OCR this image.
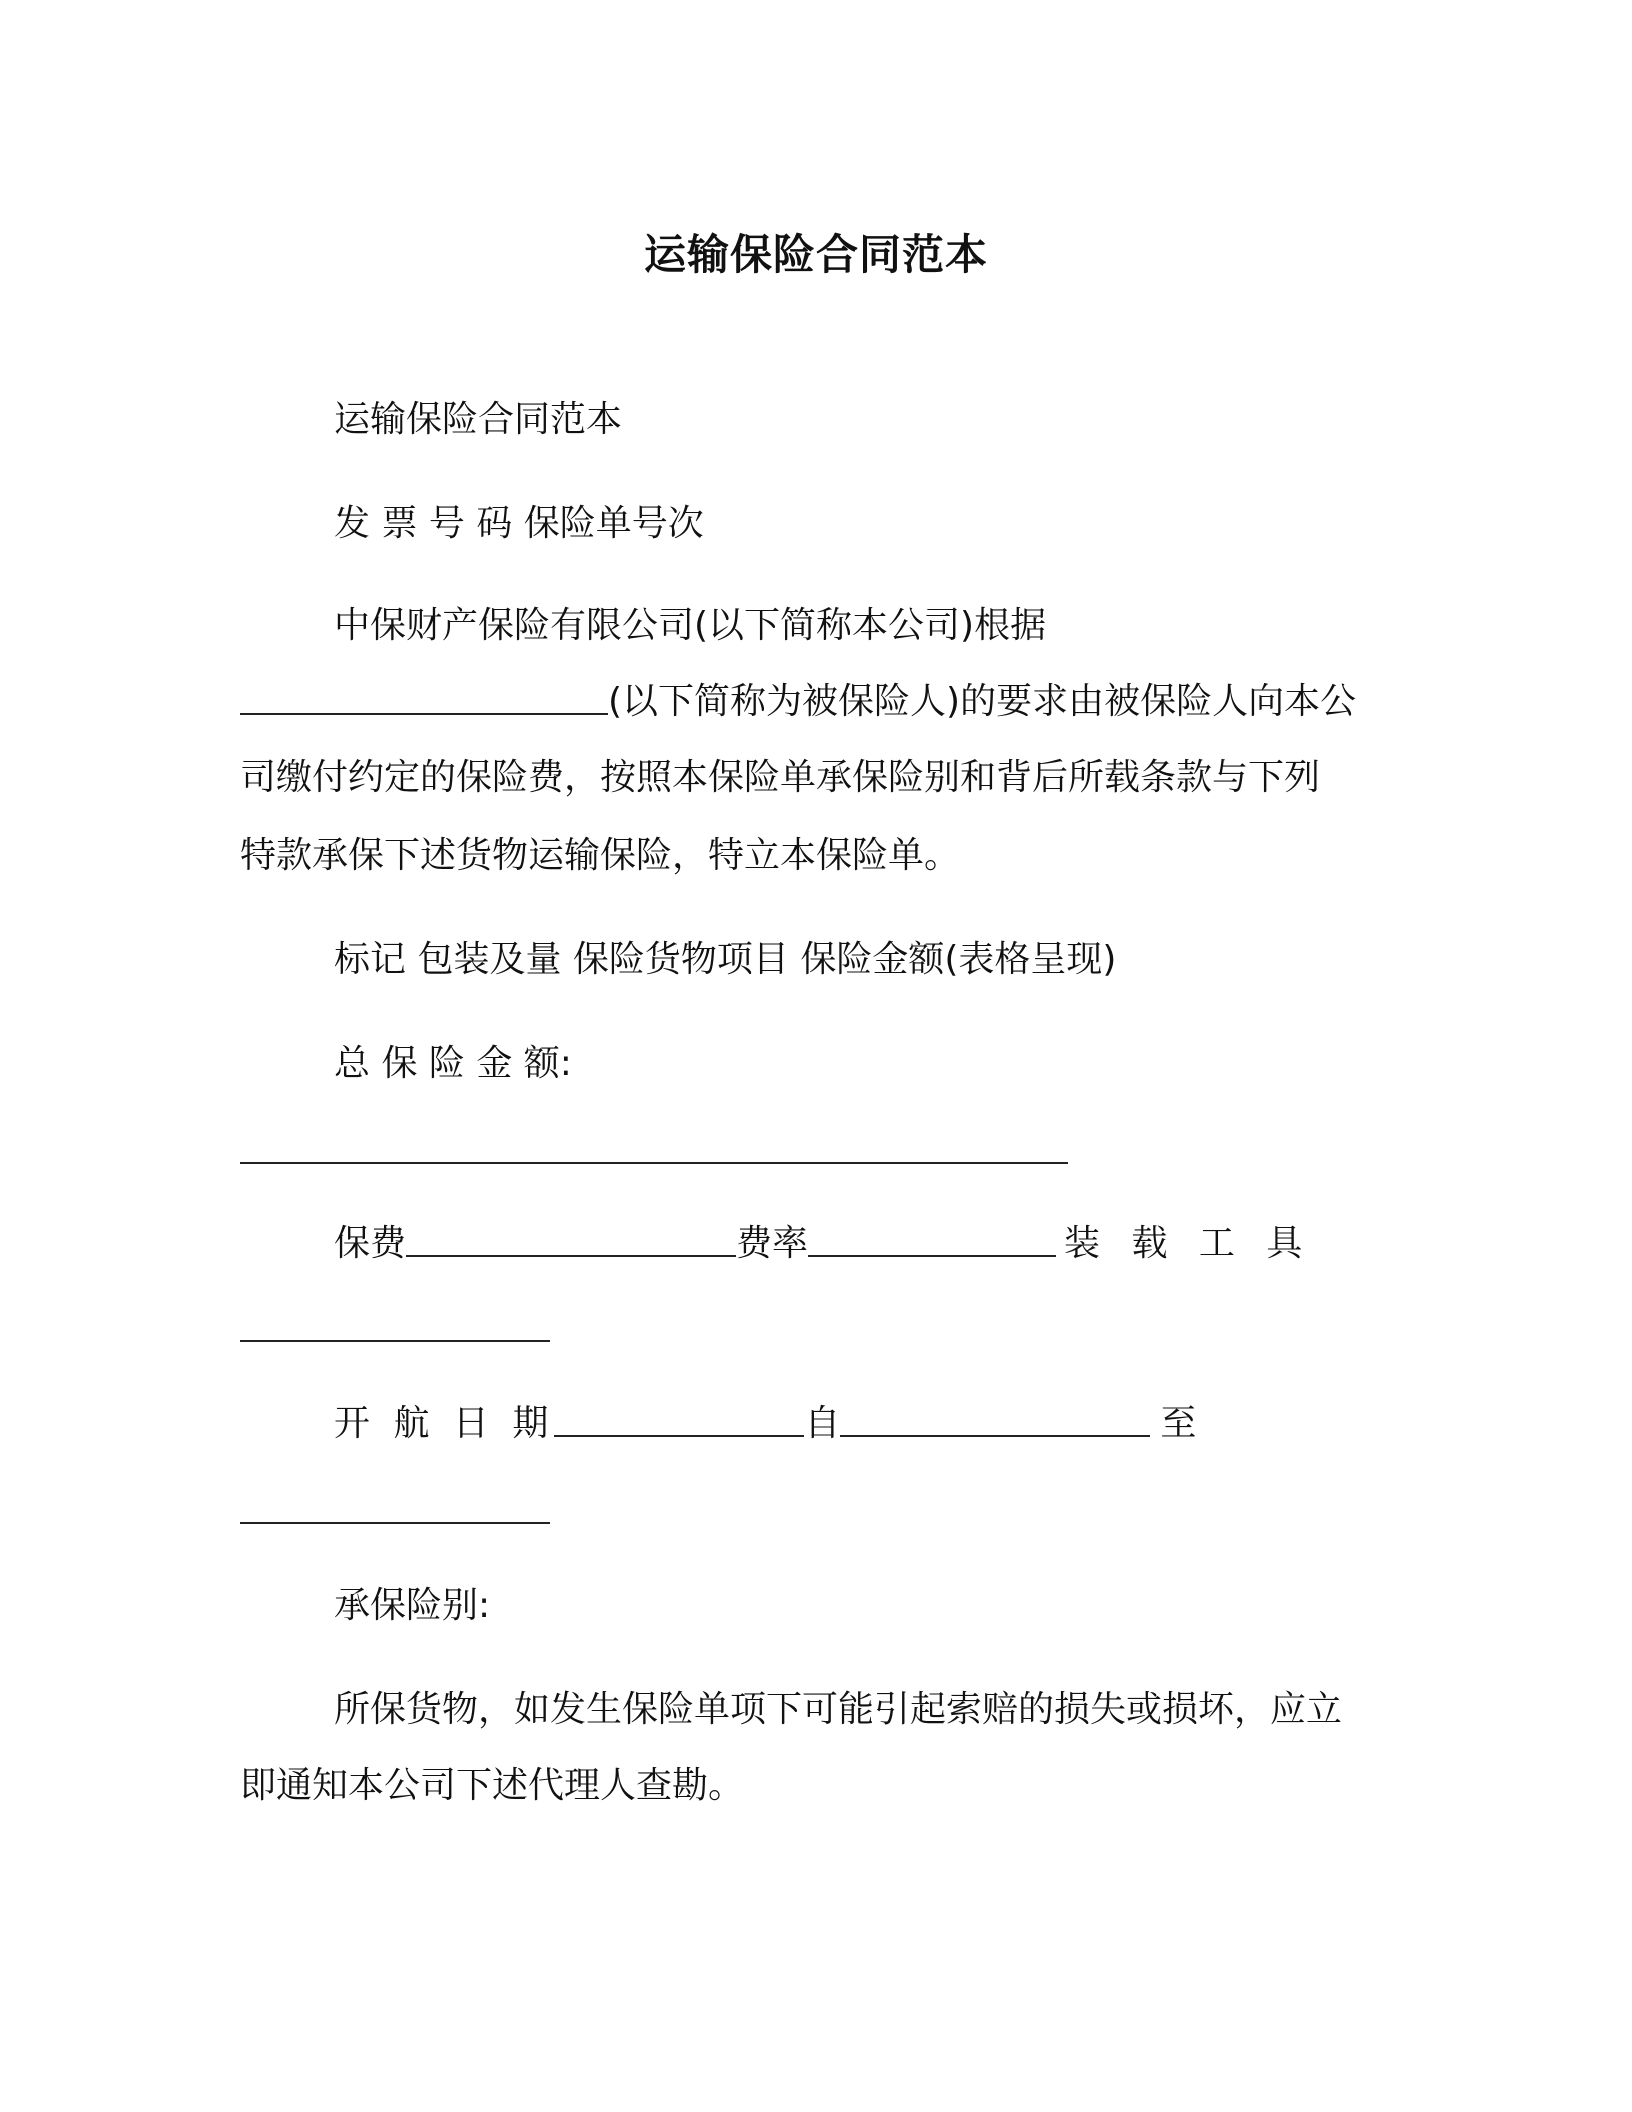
运输保险合同范本
运输保险合同范本
发 票 号 码 保险单号次
中保财产保险有限公司(以下简称本公司)根据
(以下简称为被保险人)的要求由被保险人向本公
司缴付约定的保险费，按照本保险单承保险别和背后所载条款与下列
特款承保下述货物运输保险，特立本保险单。
标记 包装及量 保险货物项目 保险金额(表格呈现)
总 保 险 金 额:
保费	费率	装 载 工 具
开 航 日 期	自	至
承保险别:
所保货物，如发生保险单项下可能引起索赔的损失或损坏，应立
即通知本公司下述代理人查勘。
